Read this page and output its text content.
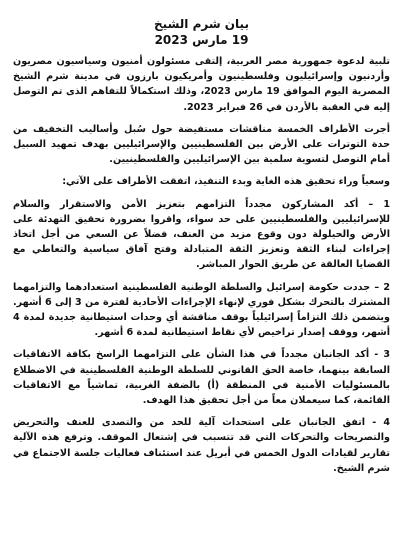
بيان شرم الشيخ
19 مارس 2023

تلبية لدعوة جمهورية مصر العربية، إلتقى مسئولون أمنيون وسياسيون مصريون وأردنيون وإسرائيليون وفلسطينيون وأمريكيون بارزون في مدينة شرم الشيخ المصرية اليوم الموافق 19 مارس 2023، وذلك استكمالاً للتفاهم الذى تم التوصل إليه في العقبة بالأردن في 26 فبراير 2023.

أجرت الأطراف الخمسة مناقشات مستفيضة حول سُبل وأساليب التخفيف من حدة التوترات على الأرض بين الفلسطينيين والإسرائيليين بهدف تمهيد السبيل أمام التوصل لتسوية سلمية بين الإسرائيليين والفلسطينيين.

وسعياً وراء تحقيق هذه الغاية وبدء التنفيذ، اتفقت الأطراف على الآتي:

1 – أكد المشاركون مجدداً التزامهم بتعزيز الأمن والاستقرار والسلام للإسرائيليين والفلسطينيين على حد سواء، واقروا بضرورة تحقيق التهدئة على الأرض والحيلولة دون وقوع مزيد من العنف، فضلاً عن السعي من أجل اتخاذ إجراءات لبناء الثقة وتعزيز الثقة المتبادلة وفتح آفاق سياسية والتعاطي مع القضايا العالقة عن طريق الحوار المباشر.
2 – جددت حكومة إسرائيل والسلطة الوطنية الفلسطينية استعدادهما والتزامهما المشترك بالتحرك بشكل فوري لإنهاء الإجراءات الأحادية لفترة من 3 إلى 6 أشهر. ويتضمن ذلك التزاماً إسرائيلياً بوقف مناقشة أي وحدات استيطانية جديدة لمدة 4 أشهر، ووقف إصدار تراخيص لأي نقاط استيطانية لمدة 6 أشهر.
3 - أكد الجانبان مجدداً في هذا الشأن على التزامهما الراسخ بكافة الاتفاقيات السابقة بينهما، خاصة الحق القانوني للسلطة الوطنية الفلسطينية في الاضطلاع بالمسئوليات الأمنية في المنطقة (أ) بالضفة الغربية، تماشياً مع الاتفاقيات القائمة، كما سيعملان معاً من أجل تحقيق هذا الهدف.
4 - اتفق الجانبان على استحداث آلية للحد من والتصدى للعنف والتحريض والتصريحات والتحركات التي قد تتسبب في إشتعال الموقف. وترفع هذه الآلية تقارير لقيادات الدول الخمس في أبريل عند استئناف فعاليات جلسة الاجتماع في شرم الشيخ.
